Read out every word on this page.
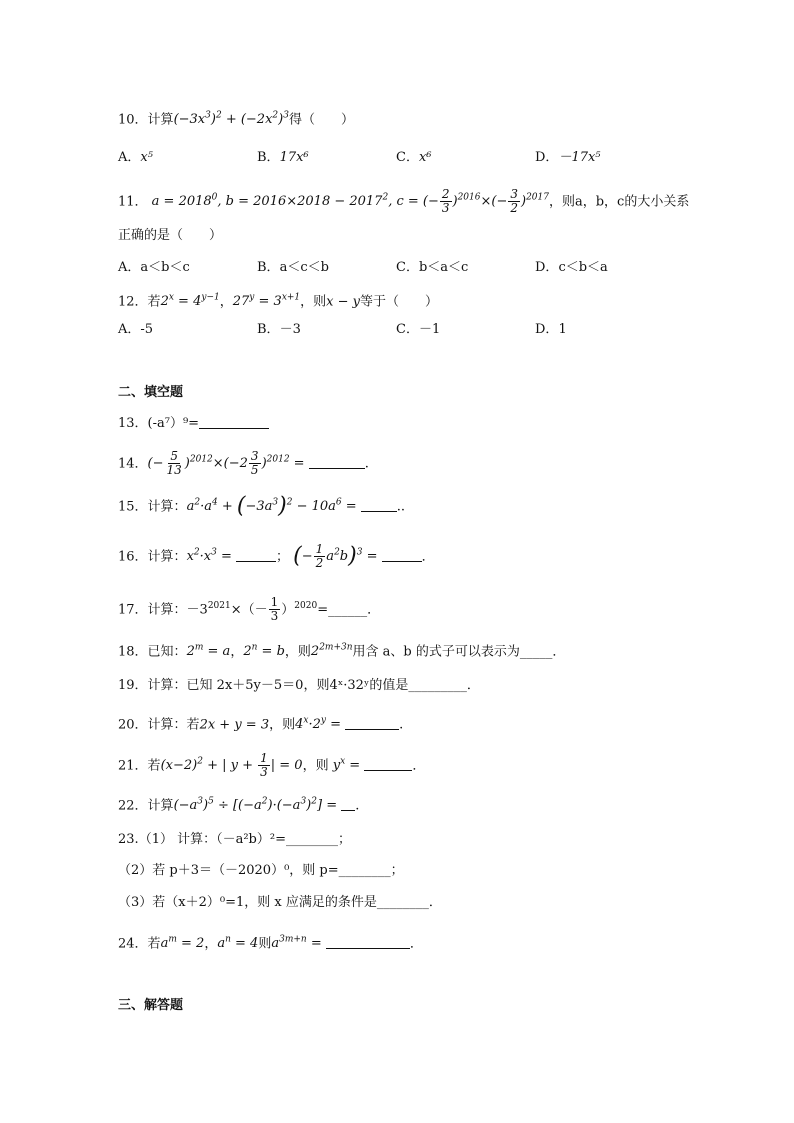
10．计算$(-3x^3)^2 + (-2x^2)^3$得（　　）
A．x⁵	B．17x⁶	C．x⁶	D．－17x⁵
11． $a = 2018^0$, $b = 2016\times 2018 - 2017^2$, c = (− $\frac{2}{3} )^{2016}\times(- \frac{3}{2} )^{2017}$，则a，b，c的大小关系
正确的是（　　）
A．a＜b＜c	B．a＜c＜b	C．b＜a＜c	D．c＜b＜a
12．若$2^x = 4^{y-1}$，$27^y = 3^{x+1}$，则x − y等于（　　）
A．-5	B．－3	C．－1	D．1
二、填空题
13．(-a⁷）⁹=
14．(− $\frac{5}{13} )^{2012}\times(-2 \frac{3}{5} )^{2012}$ =	.
15．计算：$a^2\cdot a^4 + (-3a^3)^2 - 10a^6$ =	..
16．计算：$x^2\cdot x^3$ =	； (− $\frac{1}{2} a^2b)^3$ =	．
17．计算：$-3^{2021}\times(- \frac{1}{3}$ ）$^{2020}=\_\_\_\_\_\_$．
18．已知：$2^m = a$，$2^n = b$，则$2^{2m+3n}$用含 a、b 的式子可以表示为_____．
19．计算：已知 2x＋5y－5＝0，则4ˣ·32ʸ的值是_________．
20．计算：若2x + y = 3，则$4^x\cdot 2^y$ =	.
21．若$(x-2)^2$ + | $y + \frac{1}{3}$ | = 0，则 $y^x$ =	．
22．计算$(-a^3)^5 \div [(-a^2)\cdot(-a^3)^2]$ = .
23.（1） 计算：（－a²b）²=________；
（2）若 p＋3＝（－2020）⁰，则 p=________；
（3）若（x＋2）⁰=1，则 x 应满足的条件是________．
24．若$a^m = 2$，$a^n = 4$则$a^{3m+n}$ =	．
三、解答题
